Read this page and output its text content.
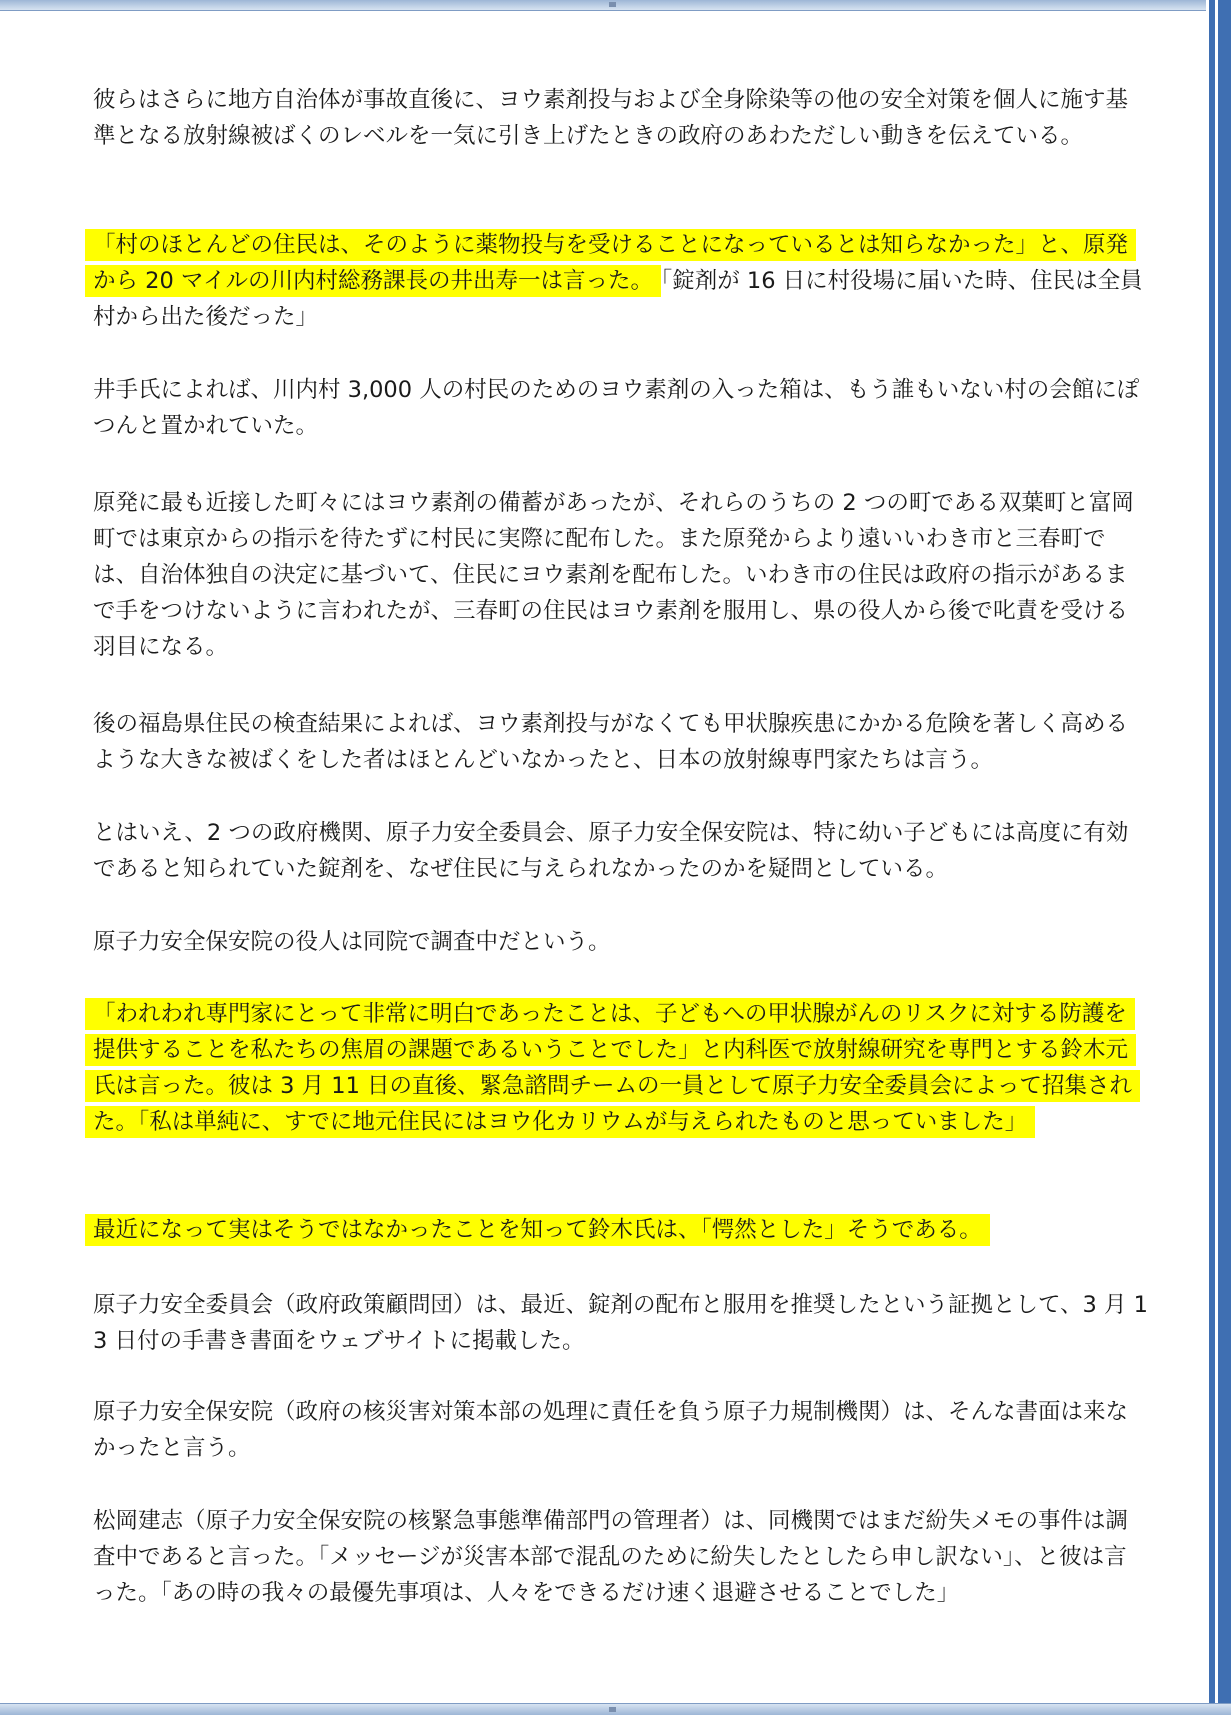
彼らはさらに地方自治体が事故直後に、ヨウ素剤投与および全身除染等の他の安全対策を個人に施す基準となる放射線被ばくのレベルを一気に引き上げたときの政府のあわただしい動きを伝えている。

「村のほとんどの住民は、そのように薬物投与を受けることになっているとは知らなかった」と、原発から 20 マイルの川内村総務課長の井出寿一は言った。 「錠剤が 16 日に村役場に届いた時、住民は全員村から出た後だった」

井手氏によれば、川内村 3,000 人の村民のためのヨウ素剤の入った箱は、もう誰もいない村の会館にぽつんと置かれていた。

原発に最も近接した町々にはヨウ素剤の備蓄があったが、それらのうちの 2 つの町である双葉町と富岡町では東京からの指示を待たずに村民に実際に配布した。また原発からより遠いいわき市と三春町では、自治体独自の決定に基づいて、住民にヨウ素剤を配布した。いわき市の住民は政府の指示があるまで手をつけないように言われたが、三春町の住民はヨウ素剤を服用し、県の役人から後で叱責を受ける羽目になる。

後の福島県住民の検査結果によれば、ヨウ素剤投与がなくても甲状腺疾患にかかる危険を著しく高めるような大きな被ばくをした者はほとんどいなかったと、日本の放射線専門家たちは言う。

とはいえ、2 つの政府機関、原子力安全委員会、原子力安全保安院は、特に幼い子どもには高度に有効であると知られていた錠剤を、なぜ住民に与えられなかったのかを疑問としている。

原子力安全保安院の役人は同院で調査中だという。

「われわれ専門家にとって非常に明白であったことは、子どもへの甲状腺がんのリスクに対する防護を提供することを私たちの焦眉の課題であるいうことでした」と内科医で放射線研究を専門とする鈴木元氏は言った。彼は 3 月 11 日の直後、緊急諮問チームの一員として原子力安全委員会によって招集された。「私は単純に、すでに地元住民にはヨウ化カリウムが与えられたものと思っていました」

最近になって実はそうではなかったことを知って鈴木氏は、「愕然とした」そうである。

原子力安全委員会（政府政策顧問団）は、最近、錠剤の配布と服用を推奨したという証拠として、3 月 13 日付の手書き書面をウェブサイトに掲載した。

原子力安全保安院（政府の核災害対策本部の処理に責任を負う原子力規制機関）は、そんな書面は来なかったと言う。

松岡建志（原子力安全保安院の核緊急事態準備部門の管理者）は、同機関ではまだ紛失メモの事件は調査中であると言った。「メッセージが災害本部で混乱のために紛失したとしたら申し訳ない」、と彼は言った。「あの時の我々の最優先事項は、人々をできるだけ速く退避させることでした」
